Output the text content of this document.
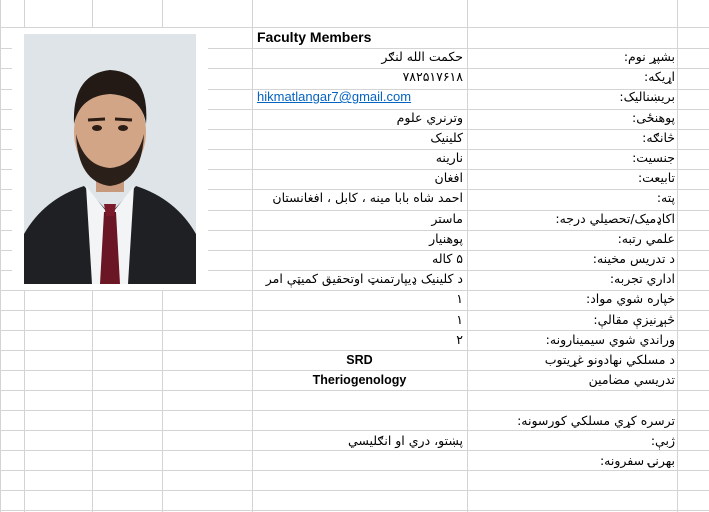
Faculty Members
بشپړ نوم:
حکمت الله لنګر
اړیکه:
۷۸۲۵۱۷۶۱۸
بریښنالیک:
hikmatlangar7@gmail.com
پوهنځی:
وترنري علوم
څانګه:
کلینیک
جنسیت:
نارینه
تابیعت:
افغان
پته:
احمد شاه بابا مینه ، کابل ، افغانستان
اکاډمیک/تحصیلي درجه:
ماستر
علمي رتبه:
پوهنیار
د تدریس مخینه:
۵ کاله
اداري تجربه:
د کلینیک ډیپارتمنټ اوتحقیق کمیټې امر
خپاره شوي مواد:
۱
څېړنيزې مقالې:
۱
وراندي شوي سیمینارونه:
۲
د مسلکي نهادونو غړیتوب
SRD
تدریسي مضامین
Theriogenology
ترسره کړي مسلکي کورسونه:
ژبې:
پښتو، دري او انګلیسي
بهرنۍ سفرونه:
